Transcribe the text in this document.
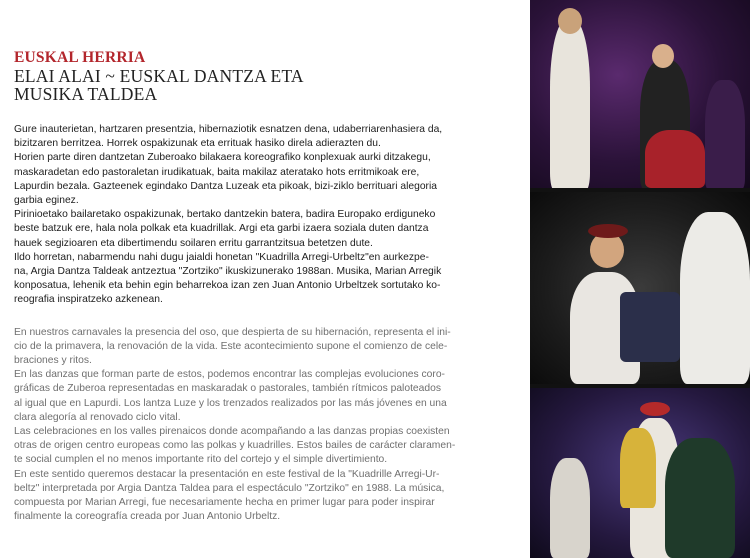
EUSKAL HERRIA
ELAI ALAI ~ EUSKAL DANTZA ETA
MUSIKA TALDEA
Gure inauterietan, hartzaren presentzia, hibernaziotik esnatzen dena, udaberriarenhasiera da,
bizitzaren berritzea. Horrek ospakizunak eta errituak hasiko direla adierazten du.
Horien parte diren dantzetan Zuberoako bilakaera koreografiko konplexuak aurki ditzakegu,
maskaradetan edo pastoraletan irudikatuak, baita makilaz ateratako hots erritmikoak ere,
Lapurdin bezala. Gazteenek egindako Dantza Luzeak eta pikoak, bizi-ziklo berrituari alegoria
garbia eginez.
Pirinioetako bailaretako ospakizunak, bertako dantzekin batera, badira Europako erdiguneko
beste batzuk ere, hala nola polkak eta kuadrillak. Argi eta garbi izaera soziala duten dantza
hauek segizioaren eta dibertimendu soilaren erritu garrantzitsua betetzen dute.
Ildo horretan, nabarmendu nahi dugu jaialdi honetan "Kuadrilla Arregi-Urbeltz"en aurkezpe-
na, Argia Dantza Taldeak antzeztua "Zortziko" ikuskizunerako 1988an. Musika, Marian Arregik
konposatua, lehenik eta behin egin beharrekoa izan zen Juan Antonio Urbeltzek sortutako ko-
reografia inspiratzeko azkenean.
En nuestros carnavales la presencia del oso, que despierta de su hibernación, representa el ini-
cio de la primavera, la renovación de la vida. Este acontecimiento supone el comienzo de cele-
braciones y ritos.
En las danzas que forman parte de estos, podemos encontrar las complejas evoluciones coro-
gráficas de Zuberoa representadas en maskaradak o pastorales, también rítmicos paloteados
al igual que en Lapurdi. Los lantza Luze y los trenzados realizados por las más jóvenes en una
clara alegoría al renovado ciclo vital.
Las celebraciones en los valles pirenaicos donde acompañando a las danzas propias coexisten
otras de origen centro europeas como las polkas y kuadrilles. Estos bailes de carácter claramen-
te social cumplen el no menos importante rito del cortejo y el simple divertimiento.
En este sentido queremos destacar la presentación en este festival de la "Kuadrille Arregi-Ur-
beltz" interpretada por Argia Dantza Taldea para el espectáculo "Zortziko" en 1988. La música,
compuesta por Marian Arregi, fue necesariamente hecha en primer lugar para poder inspirar
finalmente la coreografía creada por Juan Antonio Urbeltz.
